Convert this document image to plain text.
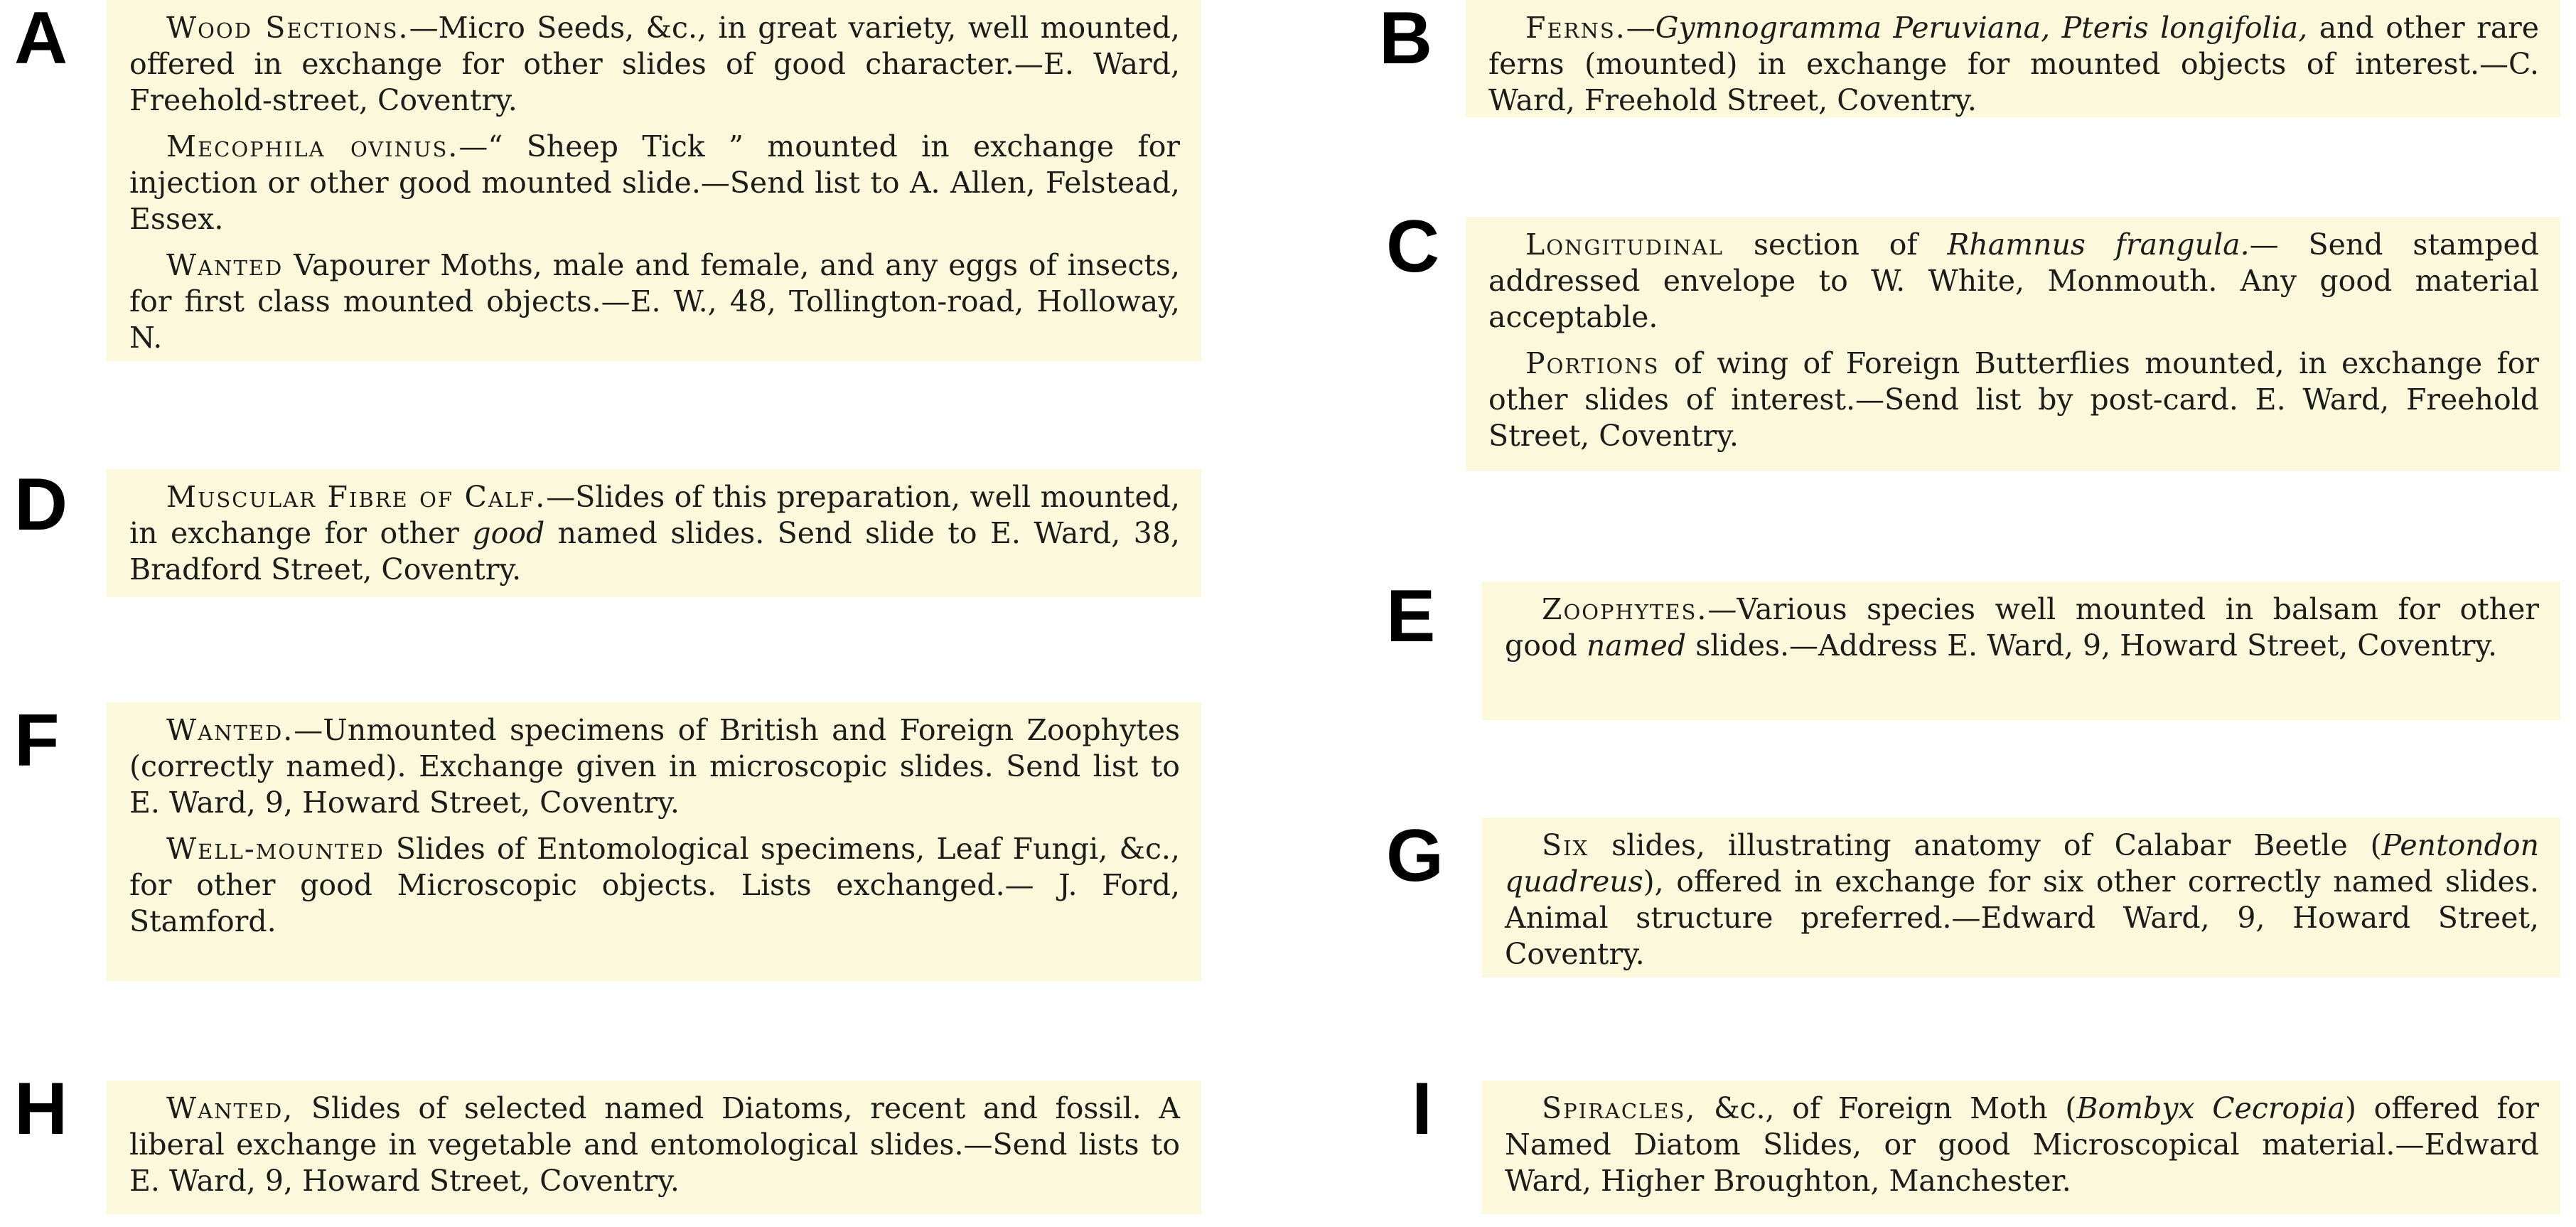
A	B
C
D
E
F
G
H	I

Wood Sections.—Micro Seeds, &c., in great variety, well mounted, offered in exchange for other slides of good character.—E. Ward, Freehold-street, Coventry.

Mecophila ovinus.—“ Sheep Tick ” mounted in exchange for injection or other good mounted slide.—Send list to A. Allen, Felstead, Essex.

Wanted Vapourer Moths, male and female, and any eggs of insects, for first class mounted objects.—E. W., 48, Tollington-road, Holloway, N.

Ferns.—Gymnogramma Peruviana, Pteris longifolia, and other rare ferns (mounted) in exchange for mounted objects of interest.—C. Ward, Freehold Street, Coventry.

Longitudinal section of Rhamnus frangula.— Send stamped addressed envelope to W. White, Monmouth. Any good material acceptable.

Portions of wing of Foreign Butterflies mounted, in exchange for other slides of interest.—Send list by post-card. E. Ward, Freehold Street, Coventry.

Muscular Fibre of Calf.—Slides of this preparation, well mounted, in exchange for other good named slides. Send slide to E. Ward, 38, Bradford Street, Coventry.

Zoophytes.—Various species well mounted in balsam for other good named slides.—Address E. Ward, 9, Howard Street, Coventry.

Wanted.—Unmounted specimens of British and Foreign Zoophytes (correctly named). Exchange given in microscopic slides. Send list to E. Ward, 9, Howard Street, Coventry.

Well-mounted Slides of Entomological specimens, Leaf Fungi, &c., for other good Microscopic objects. Lists exchanged.— J. Ford, Stamford.

Six slides, illustrating anatomy of Calabar Beetle (Pentondon quadreus), offered in exchange for six other correctly named slides. Animal structure preferred.—Edward Ward, 9, Howard Street, Coventry.

Wanted, Slides of selected named Diatoms, recent and fossil. A liberal exchange in vegetable and entomological slides.—Send lists to E. Ward, 9, Howard Street, Coventry.

Spiracles, &c., of Foreign Moth (Bombyx Cecropia) offered for Named Diatom Slides, or good Microscopical material.—Edward Ward, Higher Broughton, Manchester.
